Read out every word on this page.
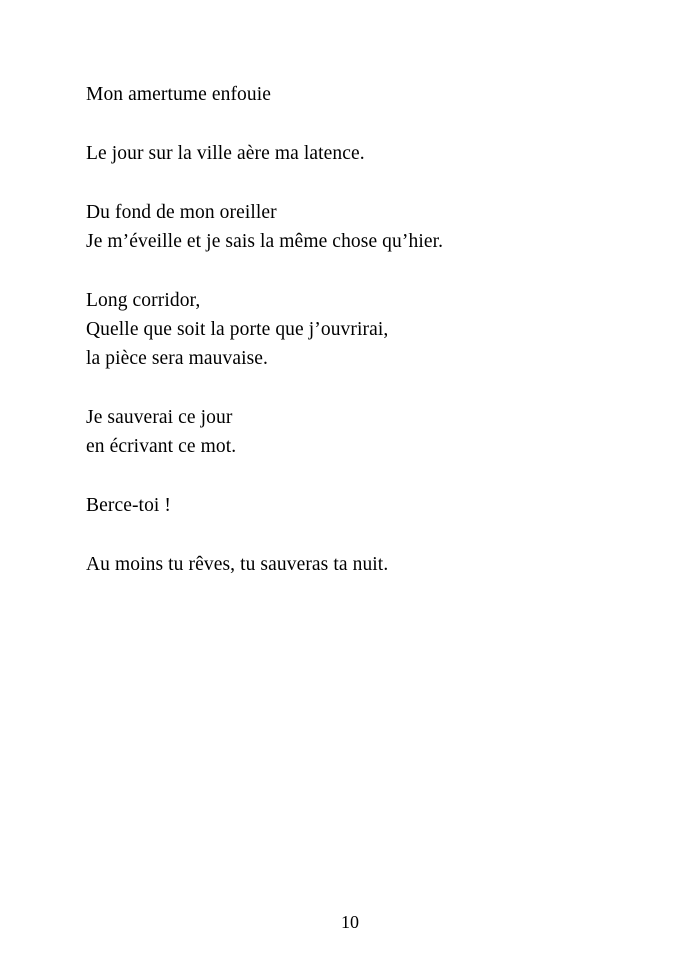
Mon amertume enfouie
Le jour sur la ville aère ma latence.
Du fond de mon oreiller
Je m’éveille et je sais la même chose qu’hier.
Long corridor,
Quelle que soit la porte que j’ouvrirai,
la pièce sera mauvaise.
Je sauverai ce jour
en écrivant ce mot.
Berce-toi !
Au moins tu rêves, tu sauveras ta nuit.
10
